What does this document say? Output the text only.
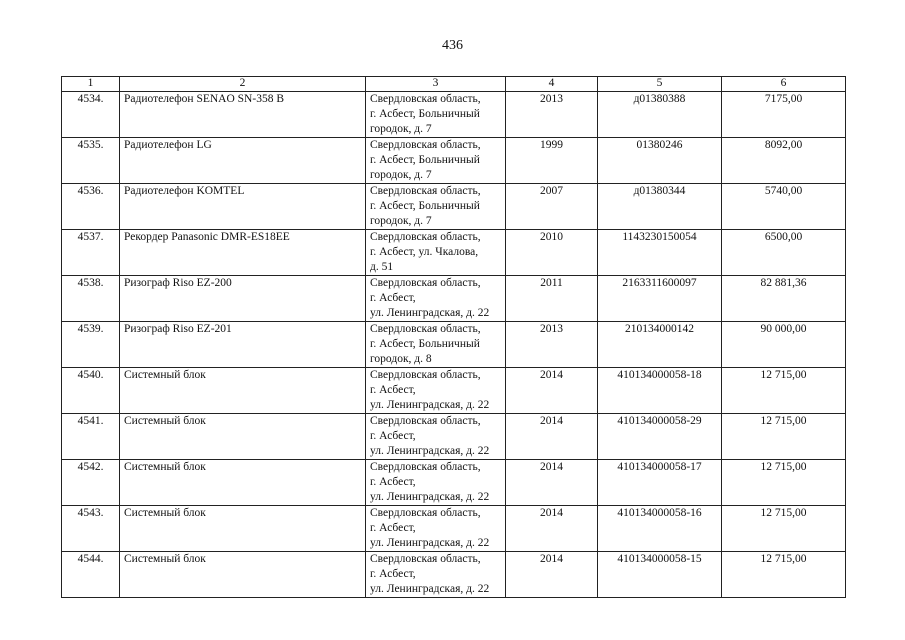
436
1	2	3	4	5	6
4534.	Радиотелефон SENAO SN-358 B	Свердловская область,
г. Асбест, Больничный
городок, д. 7	2013	д01380388	7175,00
4535.	Радиотелефон LG	Свердловская область,
г. Асбест, Больничный
городок, д. 7	1999	01380246	8092,00
4536.	Радиотелефон KOMTEL	Свердловская область,
г. Асбест, Больничный
городок, д. 7	2007	д01380344	5740,00
4537.	Рекордер Panasonic DMR-ES18EE	Свердловская область,
г. Асбест, ул. Чкалова,
д. 51	2010	1143230150054	6500,00
4538.	Ризограф Riso EZ-200	Свердловская область,
г. Асбест,
ул. Ленинградская, д. 22	2011	2163311600097	82 881,36
4539.	Ризограф Riso EZ-201	Свердловская область,
г. Асбест, Больничный
городок, д. 8	2013	210134000142	90 000,00
4540.	Системный блок	Свердловская область,
г. Асбест,
ул. Ленинградская, д. 22	2014	410134000058-18	12 715,00
4541.	Системный блок	Свердловская область,
г. Асбест,
ул. Ленинградская, д. 22	2014	410134000058-29	12 715,00
4542.	Системный блок	Свердловская область,
г. Асбест,
ул. Ленинградская, д. 22	2014	410134000058-17	12 715,00
4543.	Системный блок	Свердловская область,
г. Асбест,
ул. Ленинградская, д. 22	2014	410134000058-16	12 715,00
4544.	Системный блок	Свердловская область,
г. Асбест,
ул. Ленинградская, д. 22	2014	410134000058-15	12 715,00
